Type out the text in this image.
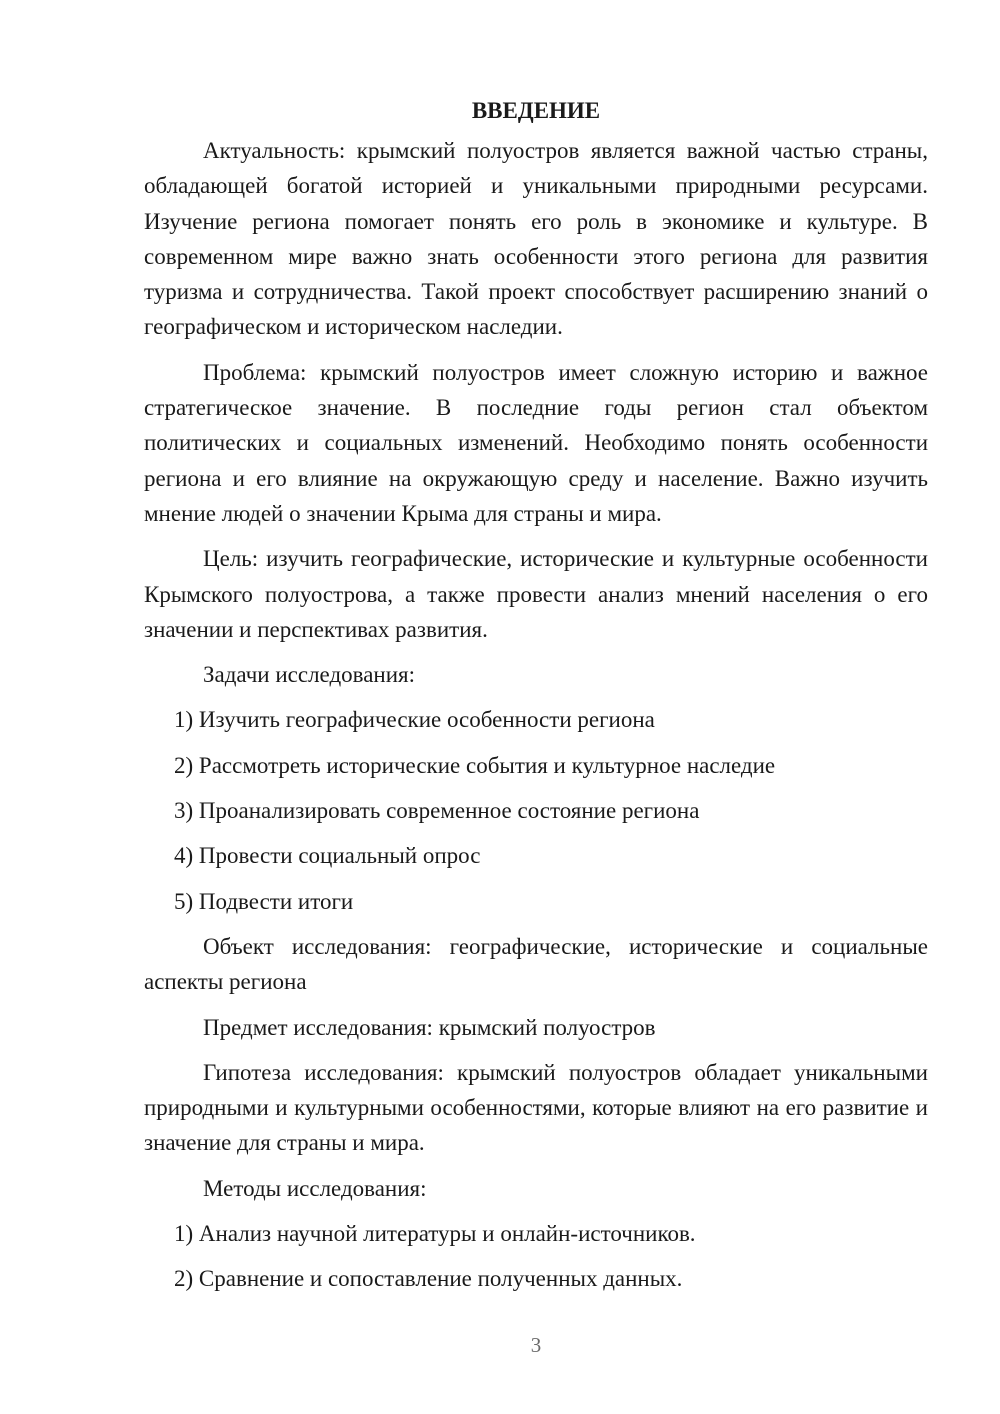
ВВЕДЕНИЕ

Актуальность: крымский полуостров является важной частью страны, обладающей богатой историей и уникальными природными ресурсами. Изучение региона помогает понять его роль в экономике и культуре. В современном мире важно знать особенности этого региона для развития туризма и сотрудничества. Такой проект способствует расширению знаний о географическом и историческом наследии.

Проблема: крымский полуостров имеет сложную историю и важное стратегическое значение. В последние годы регион стал объектом политических и социальных изменений. Необходимо понять особенности региона и его влияние на окружающую среду и население. Важно изучить мнение людей о значении Крыма для страны и мира.

Цель: изучить географические, исторические и культурные особенности Крымского полуострова, а также провести анализ мнений населения о его значении и перспективах развития.

Задачи исследования:

1) Изучить географические особенности региона

2) Рассмотреть исторические события и культурное наследие

3) Проанализировать современное состояние региона

4) Провести социальный опрос

5) Подвести итоги

Объект исследования: географические, исторические и социальные аспекты региона

Предмет исследования: крымский полуостров

Гипотеза исследования: крымский полуостров обладает уникальными природными и культурными особенностями, которые влияют на его развитие и значение для страны и мира.

Методы исследования:

1) Анализ научной литературы и онлайн-источников.

2) Сравнение и сопоставление полученных данных.

3
